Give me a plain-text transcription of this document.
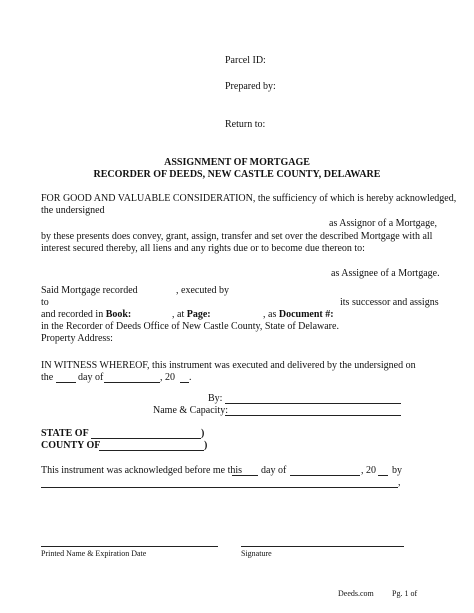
Parcel ID:
Prepared by:
Return to:
ASSIGNMENT OF MORTGAGE
RECORDER OF DEEDS, NEW CASTLE COUNTY, DELAWARE
FOR GOOD AND VALUABLE CONSIDERATION, the sufficiency of which is hereby acknowledged,
the undersigned
as Assignor of a Mortgage,
by these presents does convey, grant, assign, transfer and set over the described Mortgage with all
interest secured thereby, all liens and any rights due or to become due thereon to:
as Assignee of a Mortgage.
Said Mortgage recorded	, executed by
to	its successor and assigns
and recorded in Book:	, at Page:	, as Document #:
in the Recorder of Deeds Office of New Castle County, State of Delaware.
Property Address:
IN WITNESS WHEREOF, this instrument was executed and delivered by the undersigned on
the day of	, 20 .
By:
Name & Capacity:
STATE OF	)
COUNTY OF	)
This instrument was acknowledged before me this day of	, 20 by
,
Printed Name & Expiration Date	Signature
Deeds.com Pg. 1 of
